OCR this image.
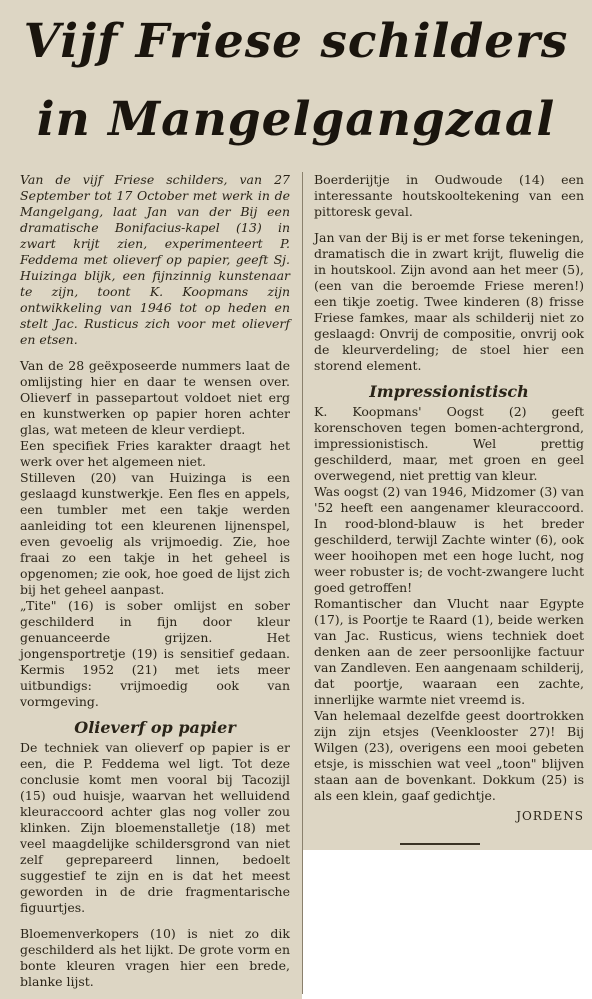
Vijf Friese schilders
in Mangelgangzaal

Van de vijf Friese schilders, van 27 September tot 17 October met werk in de Mangelgang, laat Jan van der Bij een dramatische Bonifacius-kapel (13) in zwart krijt zien, experimenteert P. Feddema met olieverf op papier, geeft Sj. Huizinga blijk, een fijnzinnig kunstenaar te zijn, toont K. Koopmans zijn ontwikkeling van 1946 tot op heden en stelt Jac. Rusticus zich voor met olieverf en etsen.

Van de 28 geëxposeerde nummers laat de omlijsting hier en daar te wensen over. Olieverf in passepartout voldoet niet erg en kunstwerken op papier horen achter glas, wat meteen de kleur verdiept.

Een specifiek Fries karakter draagt het werk over het algemeen niet.

Stilleven (20) van Huizinga is een geslaagd kunstwerkje. Een fles en appels, een tumbler met een takje werden aanleiding tot een kleurenen lijnenspel, even gevoelig als vrijmoedig. Zie, hoe fraai zo een takje in het geheel is opgenomen; zie ook, hoe goed de lijst zich bij het geheel aanpast.

„Tite" (16) is sober omlijst en sober geschilderd in fijn door kleur genuanceerde grijzen. Het jongensportretje (19) is sensitief gedaan. Kermis 1952 (21) met iets meer uitbundigs: vrijmoedig ook van vormgeving.

Olieverf op papier

De techniek van olieverf op papier is er een, die P. Feddema wel ligt. Tot deze conclusie komt men vooral bij Tacozijl (15) oud huisje, waarvan het welluidend kleuraccoord achter glas nog voller zou klinken. Zijn bloemenstalletje (18) met veel maagdelijke schildersgrond van niet zelf geprepareerd linnen, bedoelt suggestief te zijn en is dat het meest geworden in de drie fragmentarische figuurtjes.

Bloemenverkopers (10) is niet zo dik geschilderd als het lijkt. De grote vorm en bonte kleuren vragen hier een brede, blanke lijst.

Boerderijtje in Oudwoude (14) een interessante houtskooltekening van een pittoresk geval.

Jan van der Bij is er met forse tekeningen, dramatisch die in zwart krijt, fluwelig die in houtskool. Zijn avond aan het meer (5), (een van die beroemde Friese meren!) een tikje zoetig. Twee kinderen (8) frisse Friese famkes, maar als schilderij niet zo geslaagd: Onvrij de compositie, onvrij ook de kleurverdeling; de stoel hier een storend element.

Impressionistisch

K. Koopmans' Oogst (2) geeft korenschoven tegen bomen-achtergrond, impressionistisch. Wel prettig geschilderd, maar, met groen en geel overwegend, niet prettig van kleur.

Was oogst (2) van 1946, Midzomer (3) van '52 heeft een aangenamer kleuraccoord. In rood-blond-blauw is het breder geschilderd, terwijl Zachte winter (6), ook weer hooihopen met een hoge lucht, nog weer robuster is; de vocht-zwangere lucht goed getroffen!

Romantischer dan Vlucht naar Egypte (17), is Poortje te Raard (1), beide werken van Jac. Rusticus, wiens techniek doet denken aan de zeer persoonlijke factuur van Zandleven. Een aangenaam schilderij, dat poortje, waaraan een zachte, innerlijke warmte niet vreemd is.

Van helemaal dezelfde geest doortrokken zijn zijn etsjes (Veenklooster 27)! Bij Wilgen (23), overigens een mooi gebeten etsje, is misschien wat veel „toon" blijven staan aan de bovenkant. Dokkum (25) is als een klein, gaaf gedichtje.

JORDENS
